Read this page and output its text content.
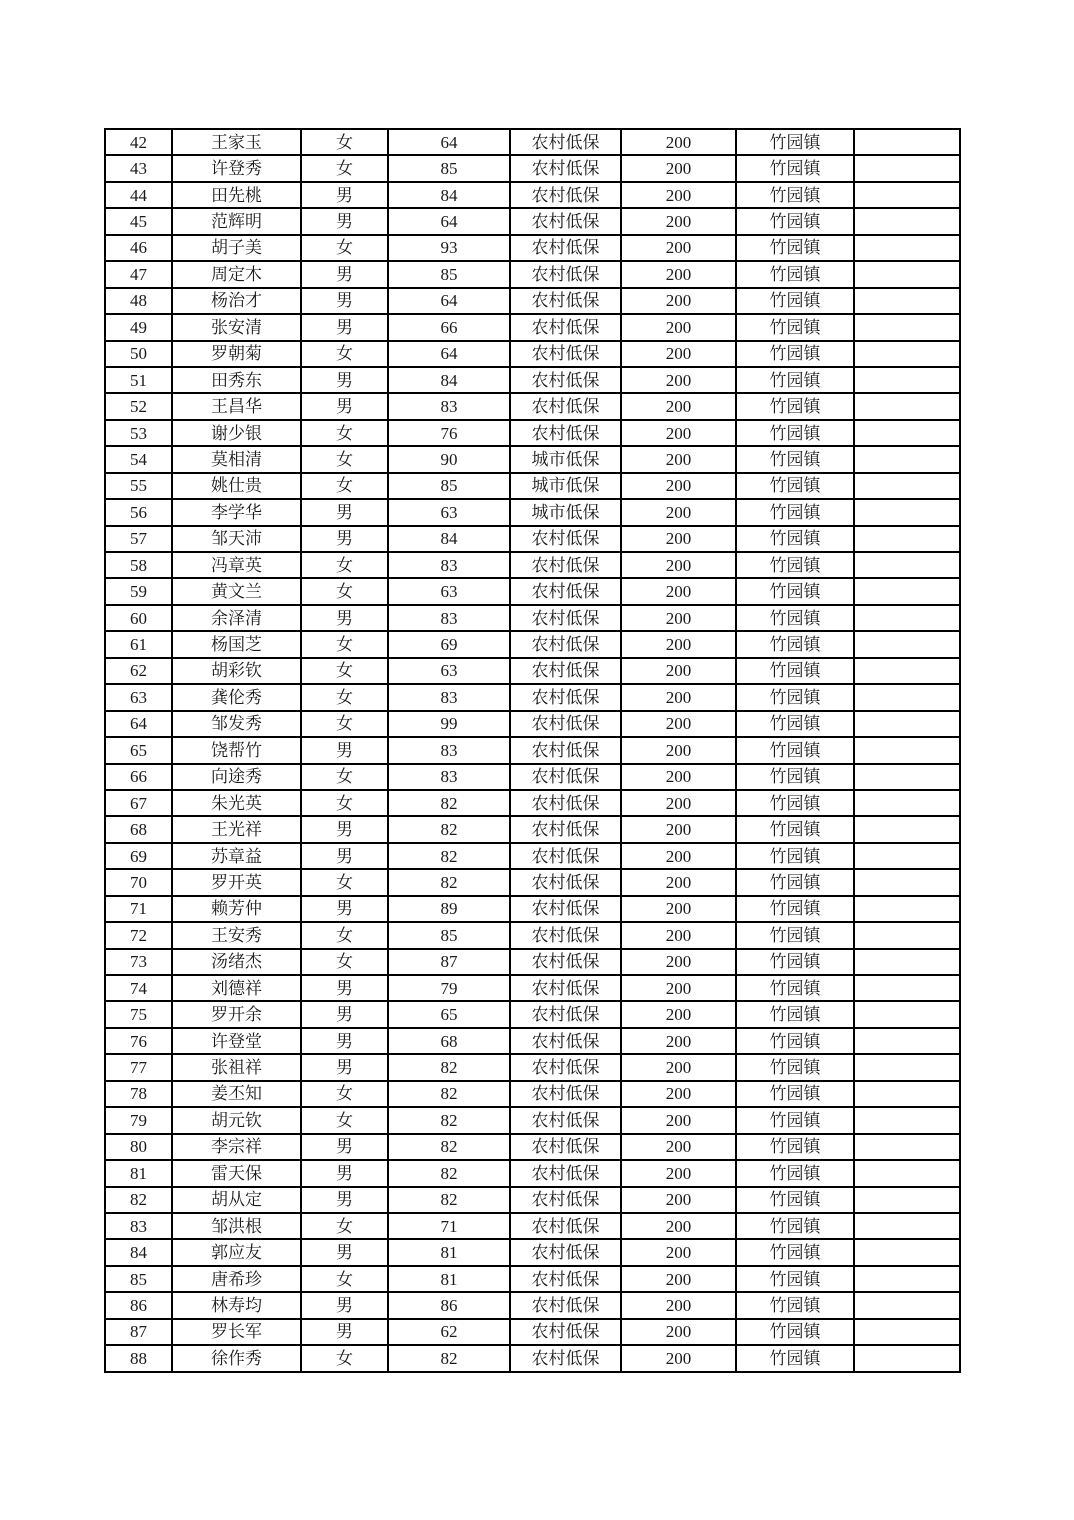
42	王家玉	女	64	农村低保	200	竹园镇	
43	许登秀	女	85	农村低保	200	竹园镇	
44	田先桃	男	84	农村低保	200	竹园镇	
45	范辉明	男	64	农村低保	200	竹园镇	
46	胡子美	女	93	农村低保	200	竹园镇	
47	周定木	男	85	农村低保	200	竹园镇	
48	杨治才	男	64	农村低保	200	竹园镇	
49	张安清	男	66	农村低保	200	竹园镇	
50	罗朝菊	女	64	农村低保	200	竹园镇	
51	田秀东	男	84	农村低保	200	竹园镇	
52	王昌华	男	83	农村低保	200	竹园镇	
53	谢少银	女	76	农村低保	200	竹园镇	
54	莫相清	女	90	城市低保	200	竹园镇	
55	姚仕贵	女	85	城市低保	200	竹园镇	
56	李学华	男	63	城市低保	200	竹园镇	
57	邹天沛	男	84	农村低保	200	竹园镇	
58	冯章英	女	83	农村低保	200	竹园镇	
59	黄文兰	女	63	农村低保	200	竹园镇	
60	余泽清	男	83	农村低保	200	竹园镇	
61	杨国芝	女	69	农村低保	200	竹园镇	
62	胡彩钦	女	63	农村低保	200	竹园镇	
63	龚伦秀	女	83	农村低保	200	竹园镇	
64	邹发秀	女	99	农村低保	200	竹园镇	
65	饶帮竹	男	83	农村低保	200	竹园镇	
66	向途秀	女	83	农村低保	200	竹园镇	
67	朱光英	女	82	农村低保	200	竹园镇	
68	王光祥	男	82	农村低保	200	竹园镇	
69	苏章益	男	82	农村低保	200	竹园镇	
70	罗开英	女	82	农村低保	200	竹园镇	
71	赖芳仲	男	89	农村低保	200	竹园镇	
72	王安秀	女	85	农村低保	200	竹园镇	
73	汤绪杰	女	87	农村低保	200	竹园镇	
74	刘德祥	男	79	农村低保	200	竹园镇	
75	罗开余	男	65	农村低保	200	竹园镇	
76	许登堂	男	68	农村低保	200	竹园镇	
77	张祖祥	男	82	农村低保	200	竹园镇	
78	姜丕知	女	82	农村低保	200	竹园镇	
79	胡元钦	女	82	农村低保	200	竹园镇	
80	李宗祥	男	82	农村低保	200	竹园镇	
81	雷天保	男	82	农村低保	200	竹园镇	
82	胡从定	男	82	农村低保	200	竹园镇	
83	邹洪根	女	71	农村低保	200	竹园镇	
84	郭应友	男	81	农村低保	200	竹园镇	
85	唐希珍	女	81	农村低保	200	竹园镇	
86	林寿均	男	86	农村低保	200	竹园镇	
87	罗长军	男	62	农村低保	200	竹园镇	
88	徐作秀	女	82	农村低保	200	竹园镇	
